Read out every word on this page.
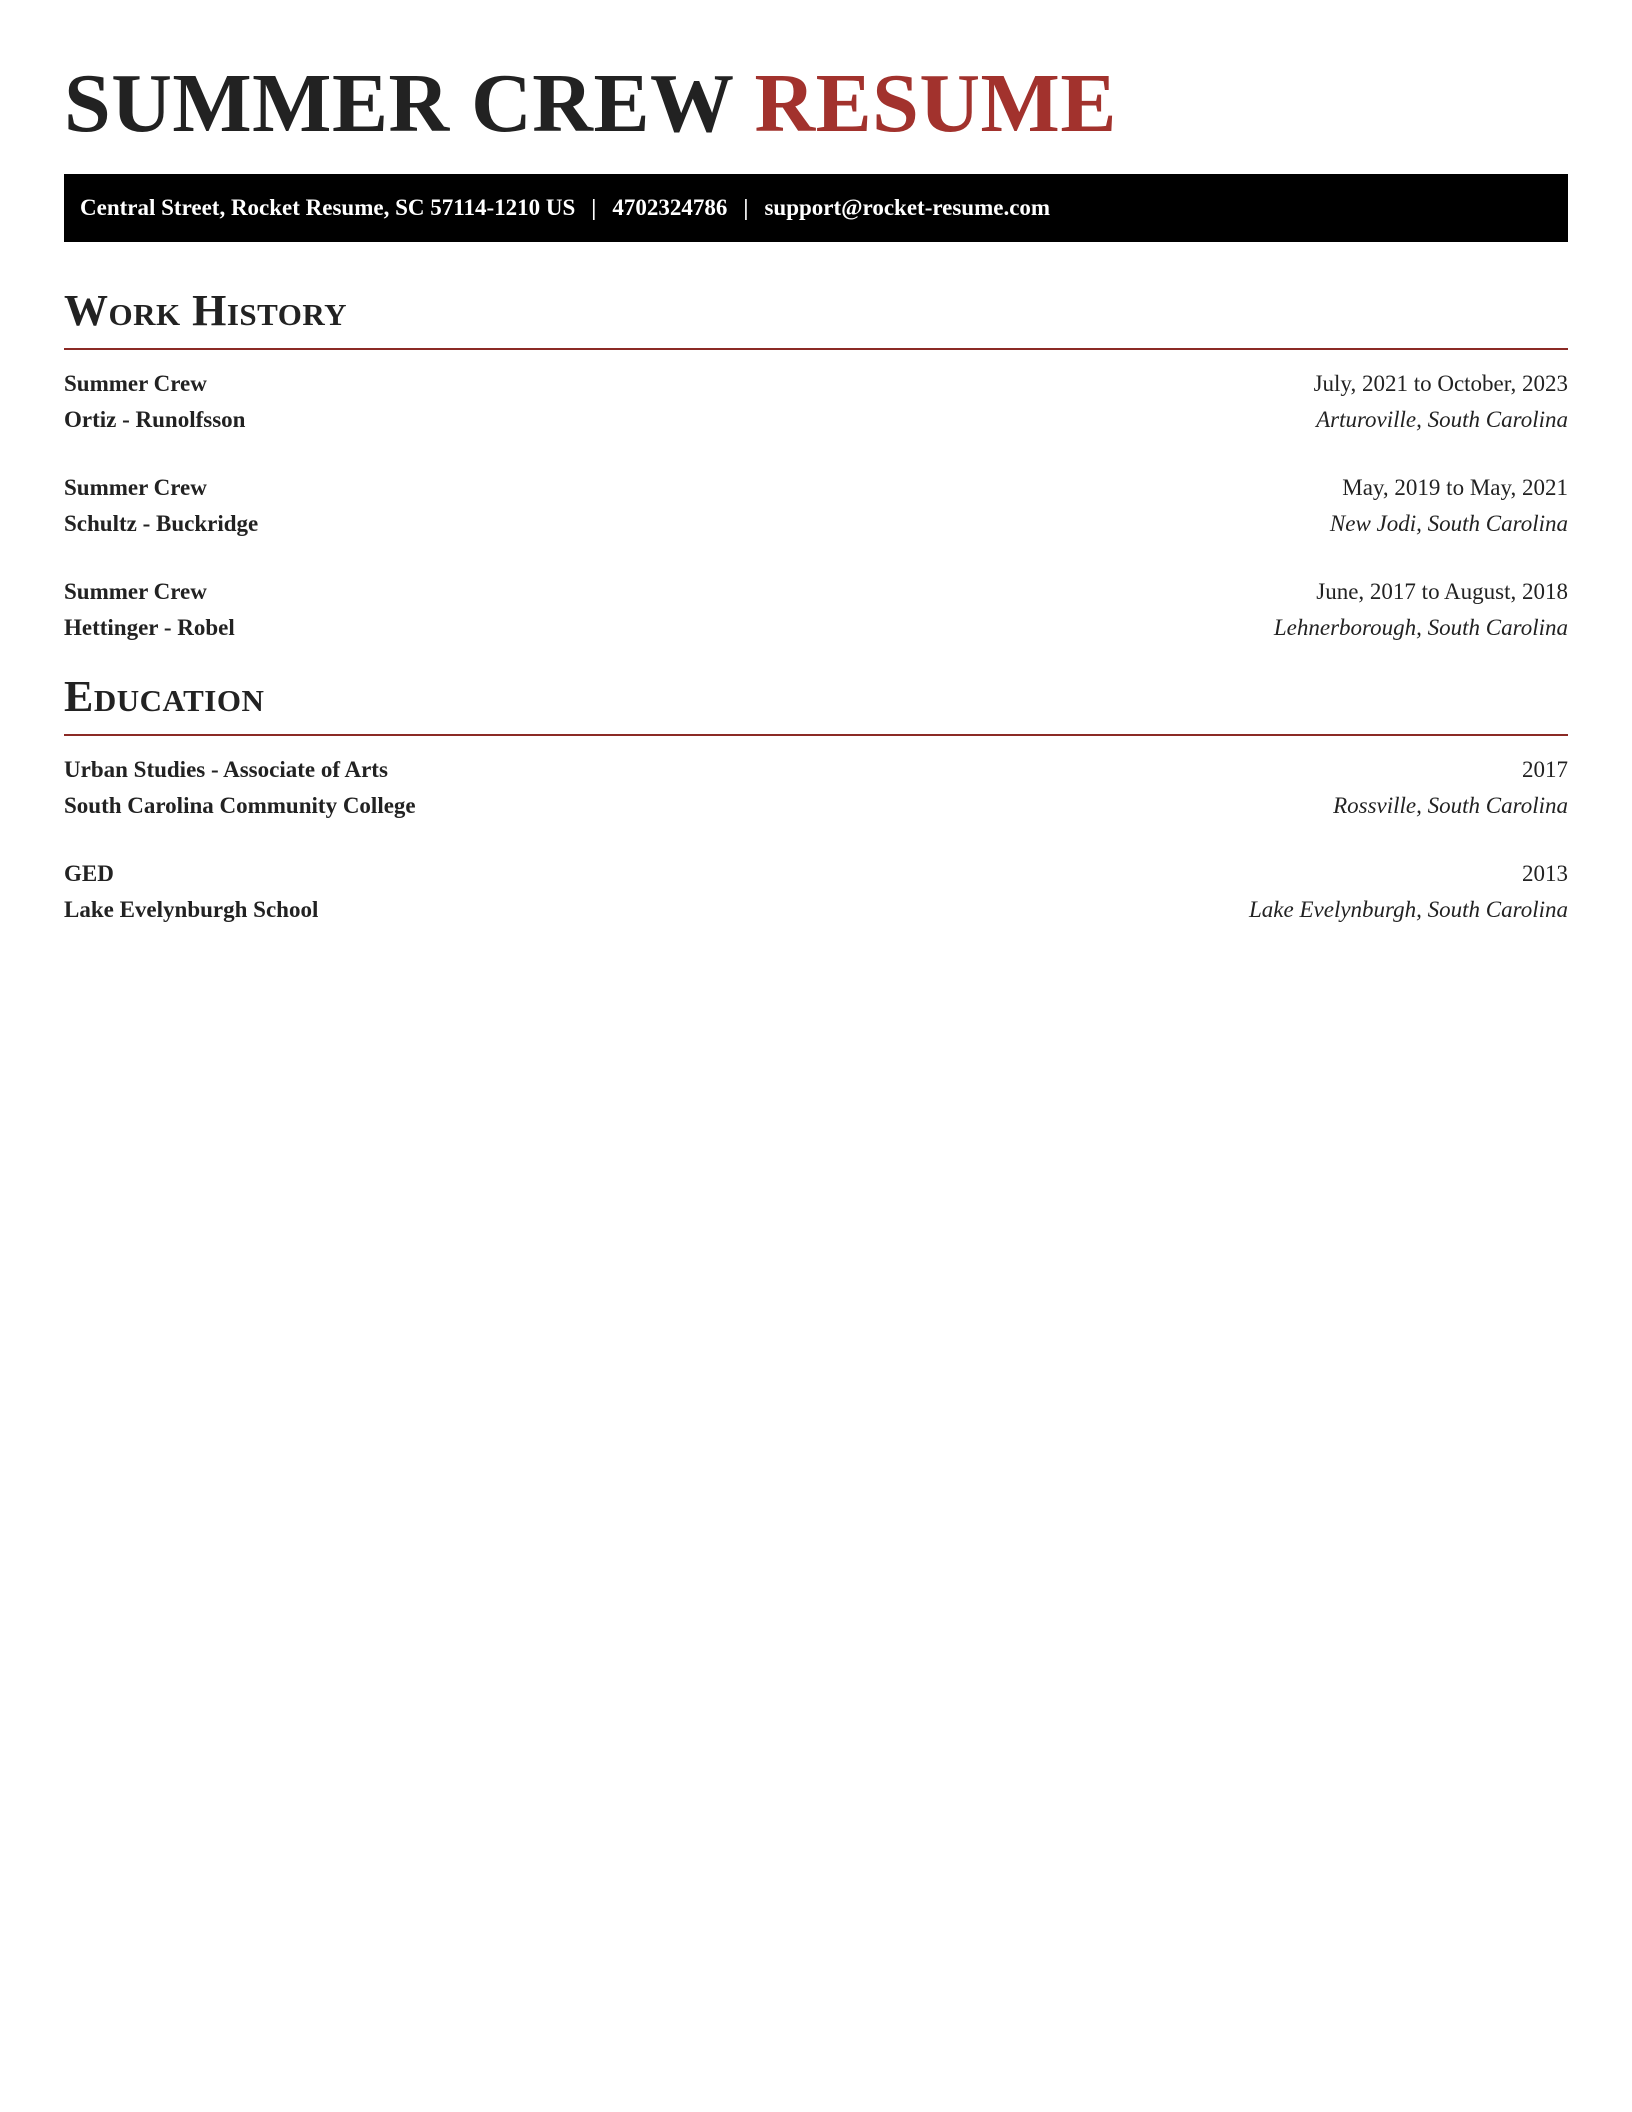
SUMMER CREW RESUME
Central Street, Rocket Resume, SC 57114-1210 US | 4702324786 | support@rocket-resume.com
Work History
Summer Crew	July, 2021 to October, 2023
Ortiz - Runolfsson	Arturoville, South Carolina
Summer Crew	May, 2019 to May, 2021
Schultz - Buckridge	New Jodi, South Carolina
Summer Crew	June, 2017 to August, 2018
Hettinger - Robel	Lehnerborough, South Carolina
Education
Urban Studies - Associate of Arts	2017
South Carolina Community College	Rossville, South Carolina
GED	2013
Lake Evelynburgh School	Lake Evelynburgh, South Carolina
